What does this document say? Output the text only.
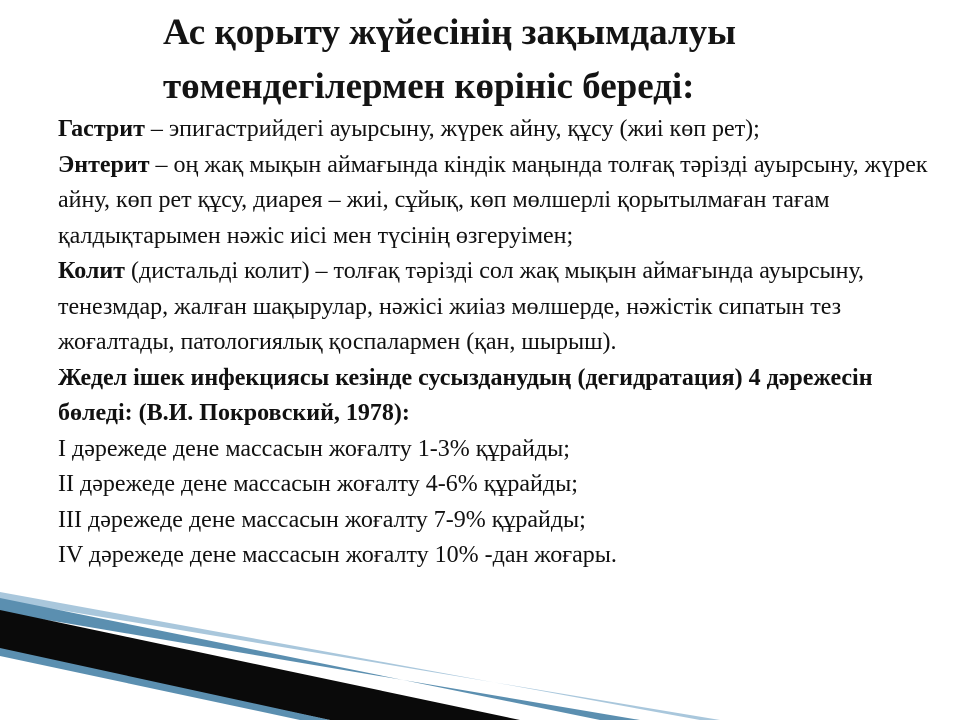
Ас қорыту жүйесінің зақымдалуы
төмендегілермен көрініс береді:

Гастрит – эпигастрийдегі ауырсыну, жүрек айну, құсу (жиі көп рет);

Энтерит – оң жақ мықын аймағында кіндік маңында толғақ тәрізді ауырсыну, жүрек айну, көп рет құсу, диарея – жиі, сұйық, көп мөлшерлі қорытылмаған тағам қалдықтарымен нәжіс иісі мен түсінің өзгеруімен;

Колит (дистальді колит) – толғақ тәрізді сол жақ мықын аймағында ауырсыну, тенезмдар, жалған шақырулар, нәжісі жиіаз мөлшерде, нәжістік сипатын тез жоғалтады, патологиялық қоспалармен (қан, шырыш).

Жедел ішек инфекциясы кезінде сусызданудың (дегидратация) 4 дәрежесін бөледі: (В.И. Покровский, 1978):

I дәрежеде дене массасын жоғалту 1-3% құрайды;

II дәрежеде дене массасын жоғалту 4-6% құрайды;

III дәрежеде дене массасын жоғалту 7-9% құрайды;

IV дәрежеде дене массасын жоғалту 10% -дан жоғары.
